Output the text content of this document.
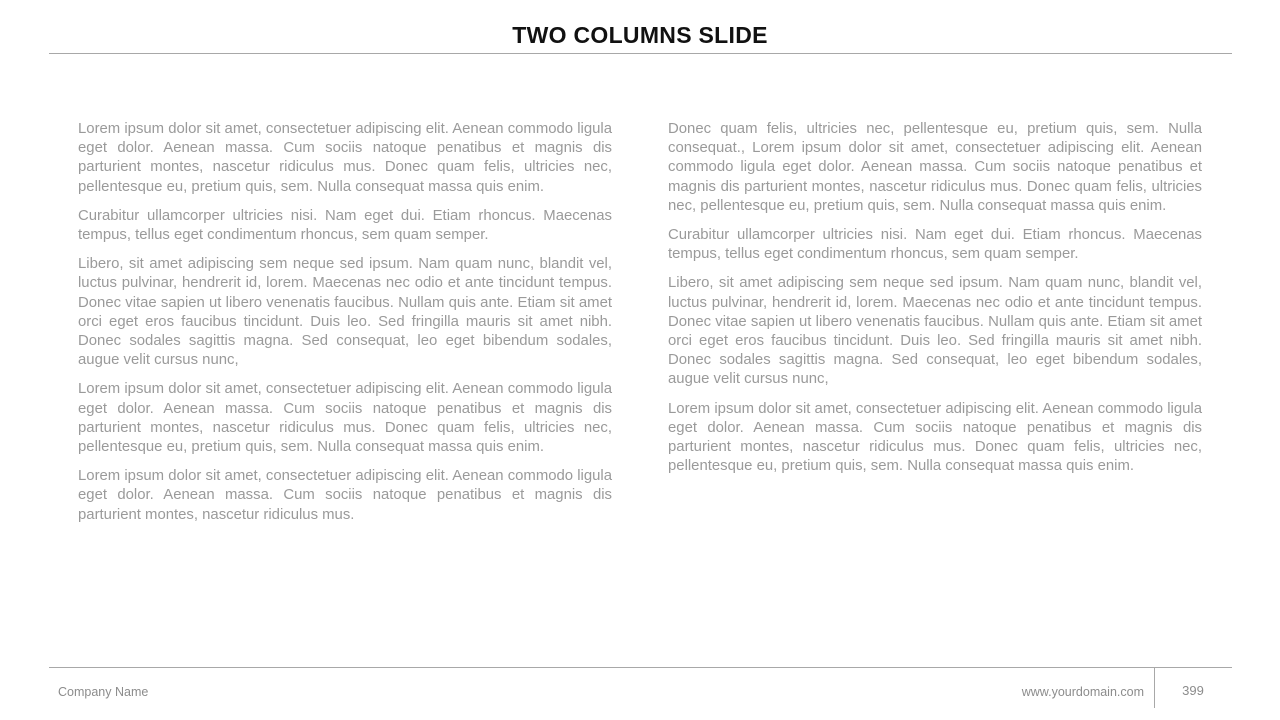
TWO COLUMNS SLIDE

Lorem ipsum dolor sit amet, consectetuer adipiscing elit. Aenean commodo ligula eget dolor. Aenean massa. Cum sociis natoque penatibus et magnis dis parturient montes, nascetur ridiculus mus. Donec quam felis, ultricies nec, pellentesque eu, pretium quis, sem. Nulla consequat massa quis enim.

Curabitur ullamcorper ultricies nisi. Nam eget dui. Etiam rhoncus. Maecenas tempus, tellus eget condimentum rhoncus, sem quam semper.

Libero, sit amet adipiscing sem neque sed ipsum. Nam quam nunc, blandit vel, luctus pulvinar, hendrerit id, lorem. Maecenas nec odio et ante tincidunt tempus. Donec vitae sapien ut libero venenatis faucibus. Nullam quis ante. Etiam sit amet orci eget eros faucibus tincidunt. Duis leo. Sed fringilla mauris sit amet nibh. Donec sodales sagittis magna. Sed consequat, leo eget bibendum sodales, augue velit cursus nunc,

Lorem ipsum dolor sit amet, consectetuer adipiscing elit. Aenean commodo ligula eget dolor. Aenean massa. Cum sociis natoque penatibus et magnis dis parturient montes, nascetur ridiculus mus. Donec quam felis, ultricies nec, pellentesque eu, pretium quis, sem. Nulla consequat massa quis enim.

Lorem ipsum dolor sit amet, consectetuer adipiscing elit. Aenean commodo ligula eget dolor. Aenean massa. Cum sociis natoque penatibus et magnis dis parturient montes, nascetur ridiculus mus.

Donec quam felis, ultricies nec, pellentesque eu, pretium quis, sem. Nulla consequat., Lorem ipsum dolor sit amet, consectetuer adipiscing elit. Aenean commodo ligula eget dolor. Aenean massa. Cum sociis natoque penatibus et magnis dis parturient montes, nascetur ridiculus mus. Donec quam felis, ultricies nec, pellentesque eu, pretium quis, sem. Nulla consequat massa quis enim.

Curabitur ullamcorper ultricies nisi. Nam eget dui. Etiam rhoncus. Maecenas tempus, tellus eget condimentum rhoncus, sem quam semper.

Libero, sit amet adipiscing sem neque sed ipsum. Nam quam nunc, blandit vel, luctus pulvinar, hendrerit id, lorem. Maecenas nec odio et ante tincidunt tempus. Donec vitae sapien ut libero venenatis faucibus. Nullam quis ante. Etiam sit amet orci eget eros faucibus tincidunt. Duis leo. Sed fringilla mauris sit amet nibh. Donec sodales sagittis magna. Sed consequat, leo eget bibendum sodales, augue velit cursus nunc,

Lorem ipsum dolor sit amet, consectetuer adipiscing elit. Aenean commodo ligula eget dolor. Aenean massa. Cum sociis natoque penatibus et magnis dis parturient montes, nascetur ridiculus mus. Donec quam felis, ultricies nec, pellentesque eu, pretium quis, sem. Nulla consequat massa quis enim.

Company Name	www.yourdomain.com	399
